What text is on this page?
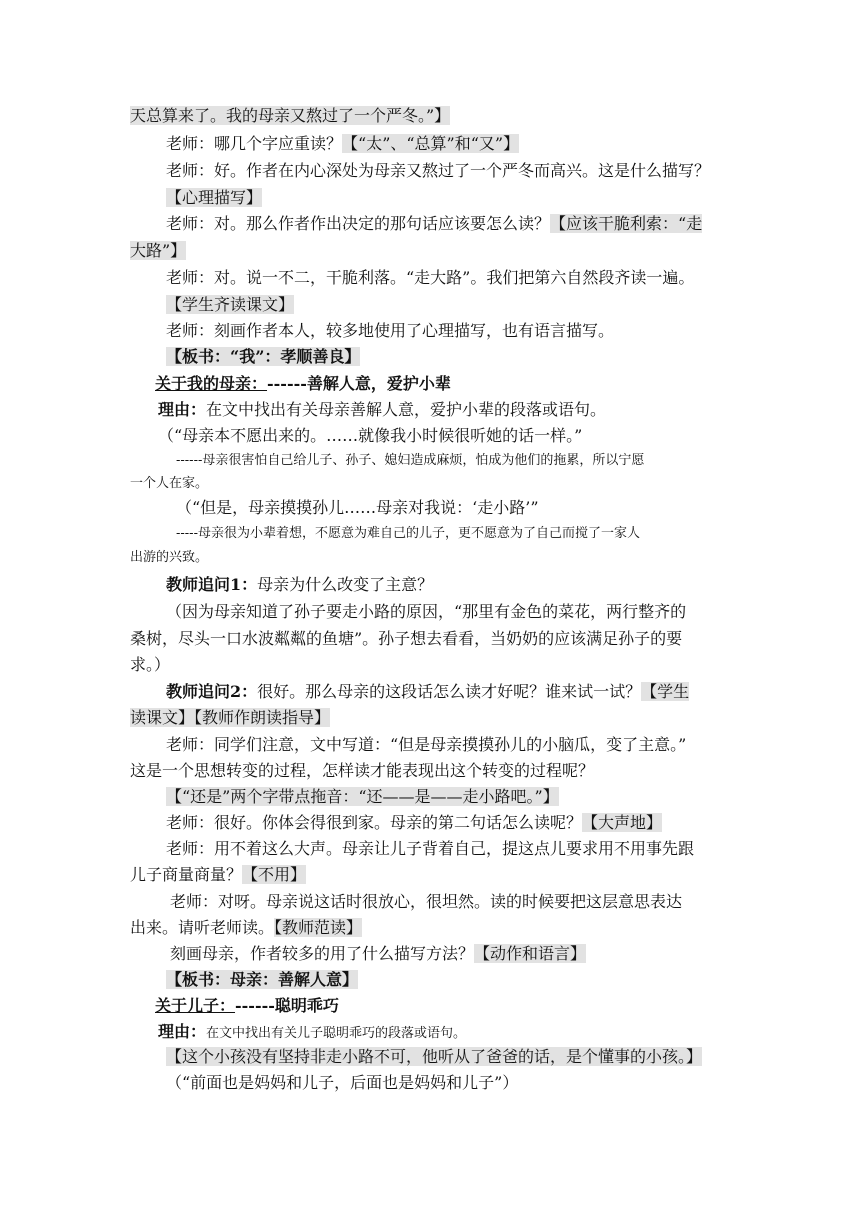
天总算来了。我的母亲又熬过了一个严冬。”】
老师：哪几个字应重读？【“太”、“总算”和“又”】
老师：好。作者在内心深处为母亲又熬过了一个严冬而高兴。这是什么描写？
【心理描写】
老师：对。那么作者作出决定的那句话应该要怎么读？【应该干脆利索：“走
大路”】
老师：对。说一不二，干脆利落。“走大路”。我们把第六自然段齐读一遍。
【学生齐读课文】
老师：刻画作者本人，较多地使用了心理描写，也有语言描写。
【板书：“我”：孝顺善良】
关于我的母亲：------善解人意，爱护小辈
理由：在文中找出有关母亲善解人意，爱护小辈的段落或语句。
（“母亲本不愿出来的。……就像我小时候很听她的话一样。”
------母亲很害怕自己给儿子、孙子、媳妇造成麻烦，怕成为他们的拖累，所以宁愿
一个人在家。
（“但是，母亲摸摸孙儿……母亲对我说：‘走小路’”
-----母亲很为小辈着想，不愿意为难自己的儿子，更不愿意为了自己而搅了一家人
出游的兴致。
教师追问1：母亲为什么改变了主意？
（因为母亲知道了孙子要走小路的原因，“那里有金色的菜花，两行整齐的
桑树，尽头一口水波粼粼的鱼塘”。孙子想去看看，当奶奶的应该满足孙子的要
求。）
教师追问2：很好。那么母亲的这段话怎么读才好呢？谁来试一试？【学生
读课文】【教师作朗读指导】
老师：同学们注意，文中写道：“但是母亲摸摸孙儿的小脑瓜，变了主意。”
这是一个思想转变的过程，怎样读才能表现出这个转变的过程呢？
【“还是”两个字带点拖音：“还——是——走小路吧。”】
老师：很好。你体会得很到家。母亲的第二句话怎么读呢？【大声地】
老师：用不着这么大声。母亲让儿子背着自己，提这点儿要求用不用事先跟
儿子商量商量？【不用】
老师：对呀。母亲说这话时很放心，很坦然。读的时候要把这层意思表达
出来。请听老师读。【教师范读】
刻画母亲，作者较多的用了什么描写方法？【动作和语言】
【板书：母亲：善解人意】
关于儿子：------聪明乖巧
理由：在文中找出有关儿子聪明乖巧的段落或语句。
【这个小孩没有坚持非走小路不可，他听从了爸爸的话，是个懂事的小孩。】
（“前面也是妈妈和儿子，后面也是妈妈和儿子”）
